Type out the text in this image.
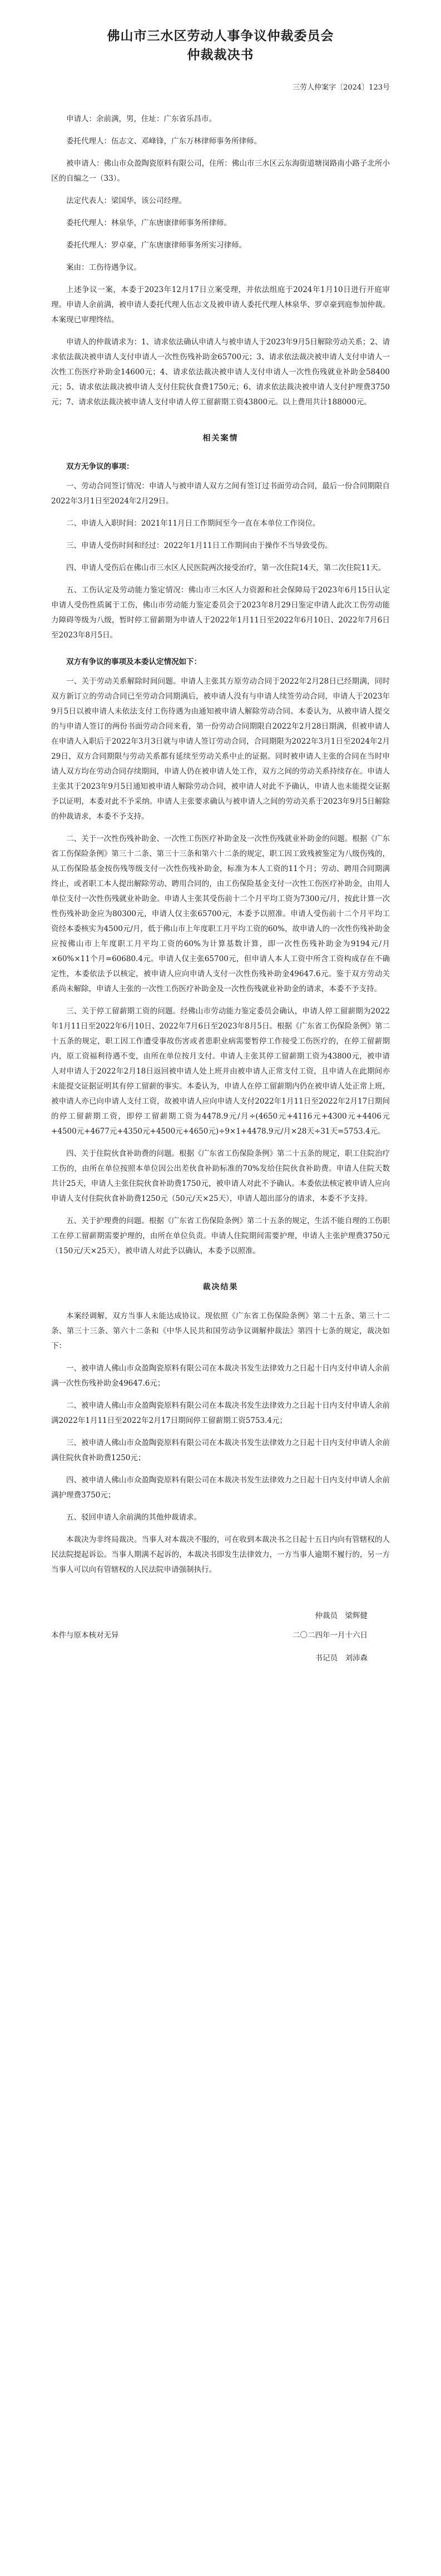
佛山市三水区劳动人事争议仲裁委员会
仲裁裁决书
三劳人仲案字〔2024〕123号

申请人：余前满，男，住址：广东省乐昌市。

委托代理人：伍志文、邓峰锋，广东万林律师事务所律师。

被申请人：佛山市众盈陶瓷原料有限公司，住所：佛山市三水区云东海街道塘岗路南小路子北所小区的自编之一（33）。

法定代表人：梁国华，该公司经理。

委托代理人：林泉华，广东唐康律师事务所律师。

委托代理人：罗卓豪，广东唐康律师事务所实习律师。

案由：工伤待遇争议。

上述争议一案，本委于2023年12月17日立案受理，并依法组庭于2024年1月10日进行开庭审理。申请人余前满，被申请人委托代理人伍志文及被申请人委托代理人林泉华、罗卓豪到庭参加仲裁。本案现已审理终结。

申请人的仲裁请求为：1、请求依法确认申请人与被申请人于2023年9月5日解除劳动关系；2、请求依法裁决被申请人支付申请人一次性伤残补助金65700元；3、请求依法裁决被申请人支付申请人一次性工伤医疗补助金14600元；4、请求依法裁决被申请人支付申请人一次性伤残就业补助金58400元；5、请求依法裁决被申请人支付住院伙食费1750元；6、请求依法裁决被申请人支付护理费3750元；7、请求依法裁决被申请人支付申请人停工留薪期工资43800元。以上费用共计188000元。

相关案情
双方无争议的事项：

一、劳动合同签订情况：申请人与被申请人双方之间有签订过书面劳动合同，最后一份合同期限自2022年3月1日至2024年2月29日。

二、申请人入职时间：2021年11月日工作期间至今一直在本单位工作岗位。

三、申请人受伤时间和经过：2022年1月11日工作期间由于操作不当导致受伤。

四、申请人受伤后在佛山市三水区人民医院两次接受治疗，第一次住院14天，第二次住院11天。

五、工伤认定及劳动能力鉴定情况：佛山市三水区人力资源和社会保障局于2023年6月15日认定申请人受伤性质属于工伤，佛山市劳动能力鉴定委员会于2023年8月29日鉴定申请人此次工伤劳动能力障碍等级为八级，暂时停工留薪期为申请人于2022年1月11日至2022年6月10日、2022年7月6日至2023年8月5日。

双方有争议的事项及本委认定情况如下：

一、关于劳动关系解除时间问题。申请人主张其方原劳动合同于2022年2月28日已经期满，同时双方新订立的劳动合同已至劳动合同期满后，被申请人没有与申请人续签劳动合同，申请人于2023年9月5日以被申请人未依法支付工伤待遇为由通知被申请人解除劳动合同。本委认为，从被申请人提交的与申请人签订的两份书面劳动合同来看，第一份劳动合同期限自2022年2月28日期满，但被申请人在申请人入职后于2022年3月3日就与申请人签订劳动合同，合同期限为2022年3月1日至2024年2月29日，双方合同期限与劳动关系都有延续至劳动关系中止的证据。同时被申请人主张的合同在当时申请人双方均在劳动合同存续期间，申请人仍在被申请人处工作，双方之间的劳动关系持续存在。申请人主张其于2023年9月5日通知被申请人解除劳动合同，被申请人对此不予确认，申请人也未能提交证据予以证明，本委对此不予采纳。申请人主张要求确认与被申请人之间的劳动关系于2023年9月5日解除的仲裁请求，本委不予支持。

二、关于一次性伤残补助金、一次性工伤医疗补助金及一次性伤残就业补助金的问题。根据《广东省工伤保险条例》第三十二条、第三十三条和第六十二条的规定，职工因工致残被鉴定为八级伤残的，从工伤保险基金按伤残等级支付一次性伤残补助金，标准为本人工资的11个月；劳动、聘用合同期满终止，或者职工本人提出解除劳动、聘用合同的，由工伤保险基金支付一次性工伤医疗补助金，由用人单位支付一次性伤残就业补助金。申请人主张其受伤前十二个月平均工资为7300元/月，按此计算一次性伤残补助金应为80300元，申请人仅主张65700元，本委予以照准。申请人受伤前十二个月平均工资经本委核实为4500元/月，低于佛山市上年度职工月平均工资的60%，故申请人的一次性伤残补助金应按佛山市上年度职工月平均工资的60%为计算基数计算，即一次性伤残补助金为9194元/月×60%×11个月=60680.4元。申请人仅主张65700元，但申请人本人工资中所含工资构成存在不确定性，本委依法予以核定，被申请人应向申请人支付一次性伤残补助金49647.6元。鉴于双方劳动关系尚未解除，申请人主张的一次性工伤医疗补助金及一次性伤残就业补助金的请求，本委不予支持。

三、关于停工留薪期工资的问题。经佛山市劳动能力鉴定委员会确认，申请人停工留薪期为2022年1月11日至2022年6月10日、2022年7月6日至2023年8月5日。根据《广东省工伤保险条例》第二十五条的规定，职工因工作遭受事故伤害或者患职业病需要暂停工作接受工伤医疗的，在停工留薪期内，原工资福利待遇不变，由所在单位按月支付。申请人主张其停工留薪期工资为43800元，被申请人对申请人于2022年2月18日返回被申请人处上班并由被申请人正常支付工资，且申请人在此期间亦未能提交证据证明其有停工留薪的事实。本委认为，申请人在停工留薪期内仍在被申请人处正常上班，被申请人亦已向申请人支付工资，故被申请人应向申请人支付2022年1月11日至2022年2月17日期间的停工留薪期工资，即停工留薪期工资为4478.9元/月÷(4650元+4116元+4300元+4406元+4500元+4677元+4350元+4500元+4650元)÷9×1+4478.9元/月×28天÷31天=5753.4元。

四、关于住院伙食补助费的问题。根据《广东省工伤保险条例》第二十五条的规定，职工住院治疗工伤的，由所在单位按照本单位因公出差伙食补助标准的70%发给住院伙食补助费。申请人住院天数共计25天，申请人主张住院伙食补助费1750元，被申请人对此不予确认。本委依法核定被申请人应向申请人支付住院伙食补助费1250元（50元/天×25天），申请人超出部分的请求，本委不予支持。

五、关于护理费的问题。根据《广东省工伤保险条例》第二十五条的规定，生活不能自理的工伤职工在停工留薪期需要护理的，由所在单位负责。申请人住院期间需要护理，申请人主张护理费3750元（150元/天×25天），被申请人对此予以确认，本委予以照准。

裁决结果

本案经调解，双方当事人未能达成协议。现依照《广东省工伤保险条例》第二十五条、第三十二条、第三十三条、第六十二条和《中华人民共和国劳动争议调解仲裁法》第四十七条的规定，裁决如下：

一、被申请人佛山市众盈陶瓷原料有限公司在本裁决书发生法律效力之日起十日内支付申请人余前满一次性伤残补助金49647.6元；

二、被申请人佛山市众盈陶瓷原料有限公司在本裁决书发生法律效力之日起十日内支付申请人余前满2022年1月11日至2022年2月17日期间停工留薪期工资5753.4元；

三、被申请人佛山市众盈陶瓷原料有限公司在本裁决书发生法律效力之日起十日内支付申请人余前满住院伙食补助费1250元；

四、被申请人佛山市众盈陶瓷原料有限公司在本裁决书发生法律效力之日起十日内支付申请人余前满护理费3750元；

五、驳回申请人余前满的其他仲裁请求。

本裁决为非终局裁决。当事人对本裁决不服的，可在收到本裁决书之日起十五日内向有管辖权的人民法院提起诉讼。当事人期满不起诉的，本裁决书即发生法律效力，一方当事人逾期不履行的，另一方当事人可以向有管辖权的人民法院申请强制执行。

仲裁员　梁辉健
本件与原本核对无异	二〇二四年一月十六日
书记员　刘沛森
